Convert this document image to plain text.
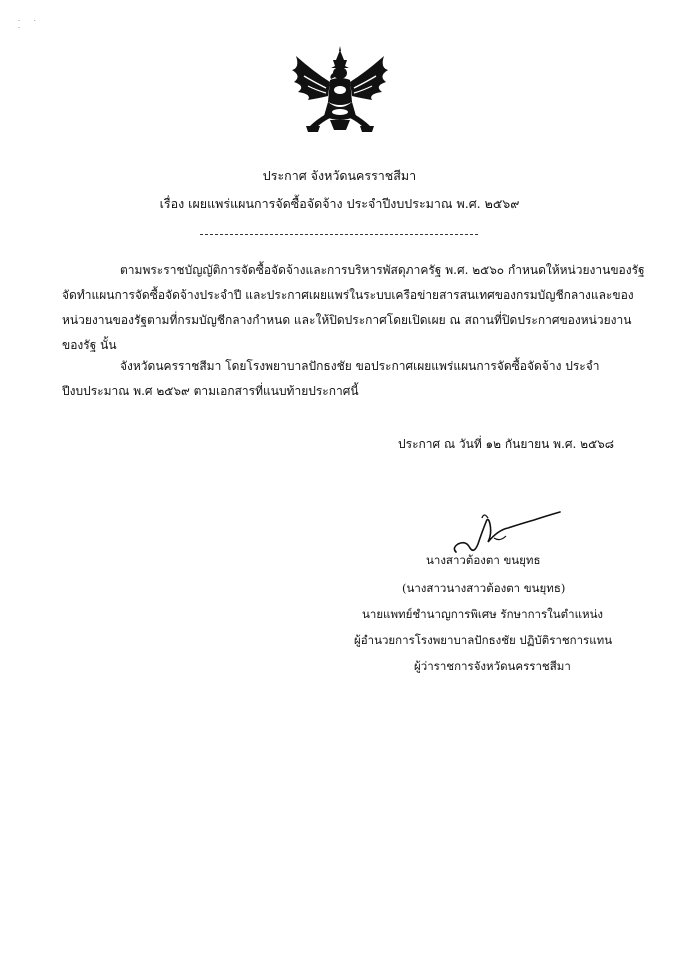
· · ·
ประกาศ จังหวัดนครราชสีมา
เรื่อง เผยแพร่แผนการจัดซื้อจัดจ้าง ประจำปีงบประมาณ พ.ศ. ๒๕๖๙
ตามพระราชบัญญัติการจัดซื้อจัดจ้างและการบริหารพัสดุภาครัฐ พ.ศ. ๒๕๖๐ กำหนดให้หน่วยงานของรัฐ
จัดทำแผนการจัดซื้อจัดจ้างประจำปี และประกาศเผยแพร่ในระบบเครือข่ายสารสนเทศของกรมบัญชีกลางและของ
หน่วยงานของรัฐตามที่กรมบัญชีกลางกำหนด และให้ปิดประกาศโดยเปิดเผย ณ สถานที่ปิดประกาศของหน่วยงาน
ของรัฐ นั้น
จังหวัดนครราชสีมา โดยโรงพยาบาลปักธงชัย ขอประกาศเผยแพร่แผนการจัดซื้อจัดจ้าง ประจำ
ปีงบประมาณ พ.ศ ๒๕๖๙ ตามเอกสารที่แนบท้ายประกาศนี้
ประกาศ ณ วันที่ ๑๒ กันยายน พ.ศ. ๒๕๖๘
นางสาวต้องตา ขนยุทธ
(นางสาวนางสาวต้องตา ขนยุทธ)
นายแพทย์ชำนาญการพิเศษ รักษาการในตำแหน่ง
ผู้อำนวยการโรงพยาบาลปักธงชัย ปฏิบัติราชการแทน
ผู้ว่าราชการจังหวัดนครราชสีมา
